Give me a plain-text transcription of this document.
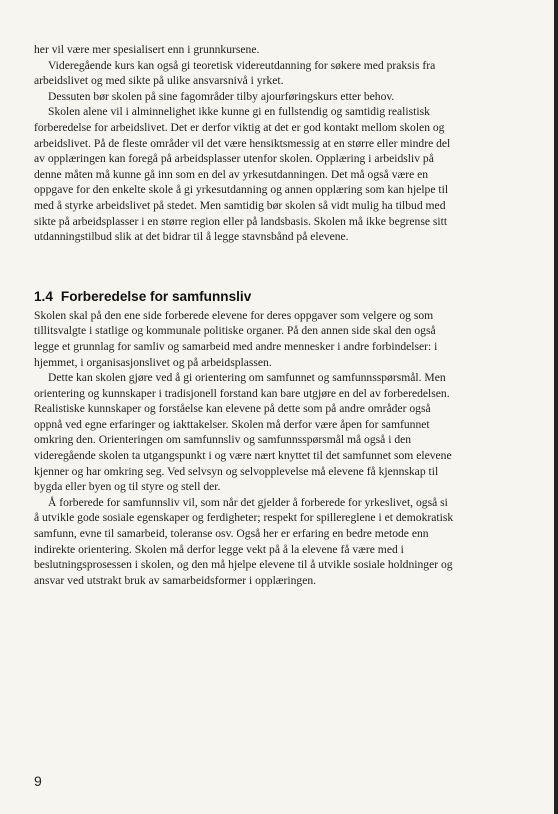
her vil være mer spesialisert enn i grunnkursene.

Videregående kurs kan også gi teoretisk videreutdanning for søkere med praksis fra arbeidslivet og med sikte på ulike ansvarsnivå i yrket.

Dessuten bør skolen på sine fagområder tilby ajourføringskurs etter behov.

Skolen alene vil i alminnelighet ikke kunne gi en fullstendig og samtidig realistisk forberedelse for arbeidslivet. Det er derfor viktig at det er god kontakt mellom skolen og arbeidslivet. På de fleste områder vil det være hensiktsmessig at en større eller mindre del av opplæringen kan foregå på arbeidsplasser utenfor skolen. Opplæring i arbeidsliv på denne måten må kunne gå inn som en del av yrkesutdanningen. Det må også være en oppgave for den enkelte skole å gi yrkesutdanning og annen opplæring som kan hjelpe til med å styrke arbeidslivet på stedet. Men samtidig bør skolen så vidt mulig ha tilbud med sikte på arbeidsplasser i en større region eller på landsbasis. Skolen må ikke begrense sitt utdanningstilbud slik at det bidrar til å legge stavnsbånd på elevene.

1.4 Forberedelse for samfunnsliv

Skolen skal på den ene side forberede elevene for deres oppgaver som velgere og som tillitsvalgte i statlige og kommunale politiske organer. På den annen side skal den også legge et grunnlag for samliv og samarbeid med andre mennesker i andre forbindelser: i hjemmet, i organisasjonslivet og på arbeidsplassen.

Dette kan skolen gjøre ved å gi orientering om samfunnet og samfunnsspørsmål. Men orientering og kunnskaper i tradisjonell forstand kan bare utgjøre en del av forberedelsen. Realistiske kunnskaper og forståelse kan elevene på dette som på andre områder også oppnå ved egne erfaringer og iakttakelser. Skolen må derfor være åpen for samfunnet omkring den. Orienteringen om samfunnsliv og samfunnsspørsmål må også i den videregående skolen ta utgangspunkt i og være nært knyttet til det samfunnet som elevene kjenner og har omkring seg. Ved selvsyn og selvopplevelse må elevene få kjennskap til bygda eller byen og til styre og stell der.

Å forberede for samfunnsliv vil, som når det gjelder å forberede for yrkeslivet, også si å utvikle gode sosiale egenskaper og ferdigheter; respekt for spillereglene i et demokratisk samfunn, evne til samarbeid, toleranse osv. Også her er erfaring en bedre metode enn indirekte orientering. Skolen må derfor legge vekt på å la elevene få være med i beslutningsprosessen i skolen, og den må hjelpe elevene til å utvikle sosiale holdninger og ansvar ved utstrakt bruk av samarbeidsformer i opplæringen.

9
